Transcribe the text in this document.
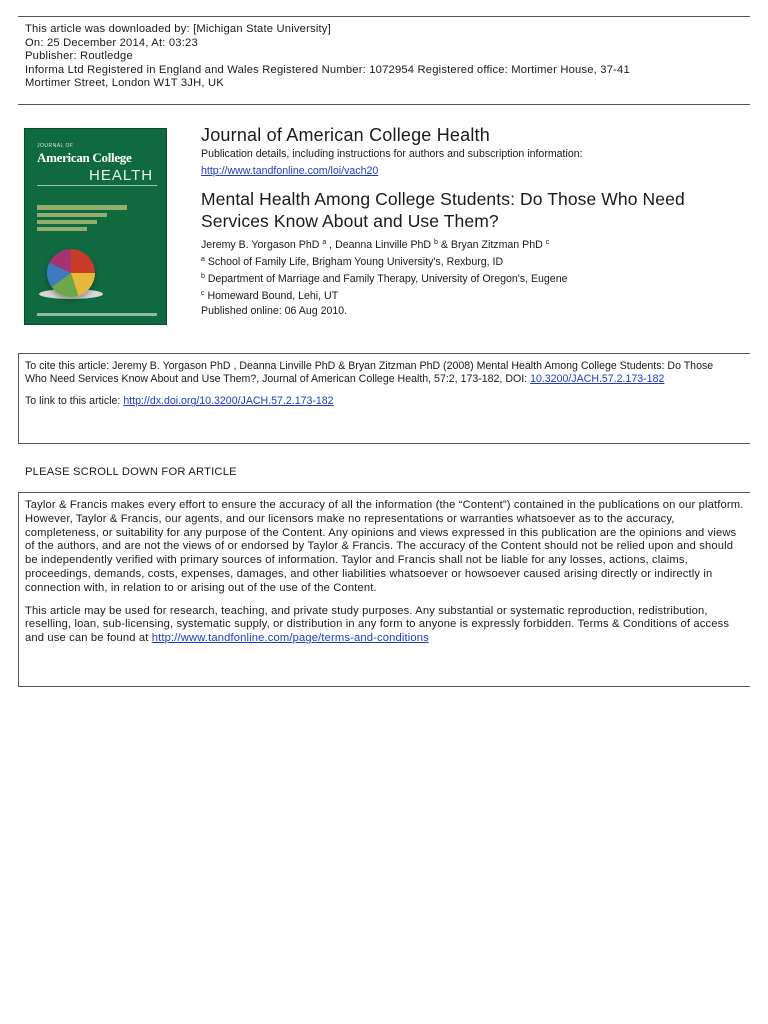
This article was downloaded by: [Michigan State University]
On: 25 December 2014, At: 03:23
Publisher: Routledge
Informa Ltd Registered in England and Wales Registered Number: 1072954 Registered office: Mortimer House, 37-41
Mortimer Street, London W1T 3JH, UK
JOURNAL OF
American College
HEALTH
Journal of American College Health
Publication details, including instructions for authors and subscription information:
http://www.tandfonline.com/loi/vach20
Mental Health Among College Students: Do Those Who Need Services Know About and Use Them?
Jeremy B. Yorgason PhD $^a$ , Deanna Linville PhD $^b$ & Bryan Zitzman PhD $^c$
$^a$ School of Family Life, Brigham Young University's, Rexburg, ID
$^b$ Department of Marriage and Family Therapy, University of Oregon's, Eugene
$^c$ Homeward Bound, Lehi, UT
Published online: 06 Aug 2010.
To cite this article: Jeremy B. Yorgason PhD , Deanna Linville PhD & Bryan Zitzman PhD (2008) Mental Health Among College Students: Do Those Who Need Services Know About and Use Them?, Journal of American College Health, 57:2, 173-182, DOI: 10.3200/JACH.57.2.173-182
To link to this article: http://dx.doi.org/10.3200/JACH.57.2.173-182
PLEASE SCROLL DOWN FOR ARTICLE

Taylor & Francis makes every effort to ensure the accuracy of all the information (the “Content”) contained in the publications on our platform. However, Taylor & Francis, our agents, and our licensors make no representations or warranties whatsoever as to the accuracy, completeness, or suitability for any purpose of the Content. Any opinions and views expressed in this publication are the opinions and views of the authors, and are not the views of or endorsed by Taylor & Francis. The accuracy of the Content should not be relied upon and should be independently verified with primary sources of information. Taylor and Francis shall not be liable for any losses, actions, claims, proceedings, demands, costs, expenses, damages, and other liabilities whatsoever or howsoever caused arising directly or indirectly in connection with, in relation to or arising out of the use of the Content.

This article may be used for research, teaching, and private study purposes. Any substantial or systematic reproduction, redistribution, reselling, loan, sub-licensing, systematic supply, or distribution in any form to anyone is expressly forbidden. Terms & Conditions of access and use can be found at http://www.tandfonline.com/page/terms-and-conditions
